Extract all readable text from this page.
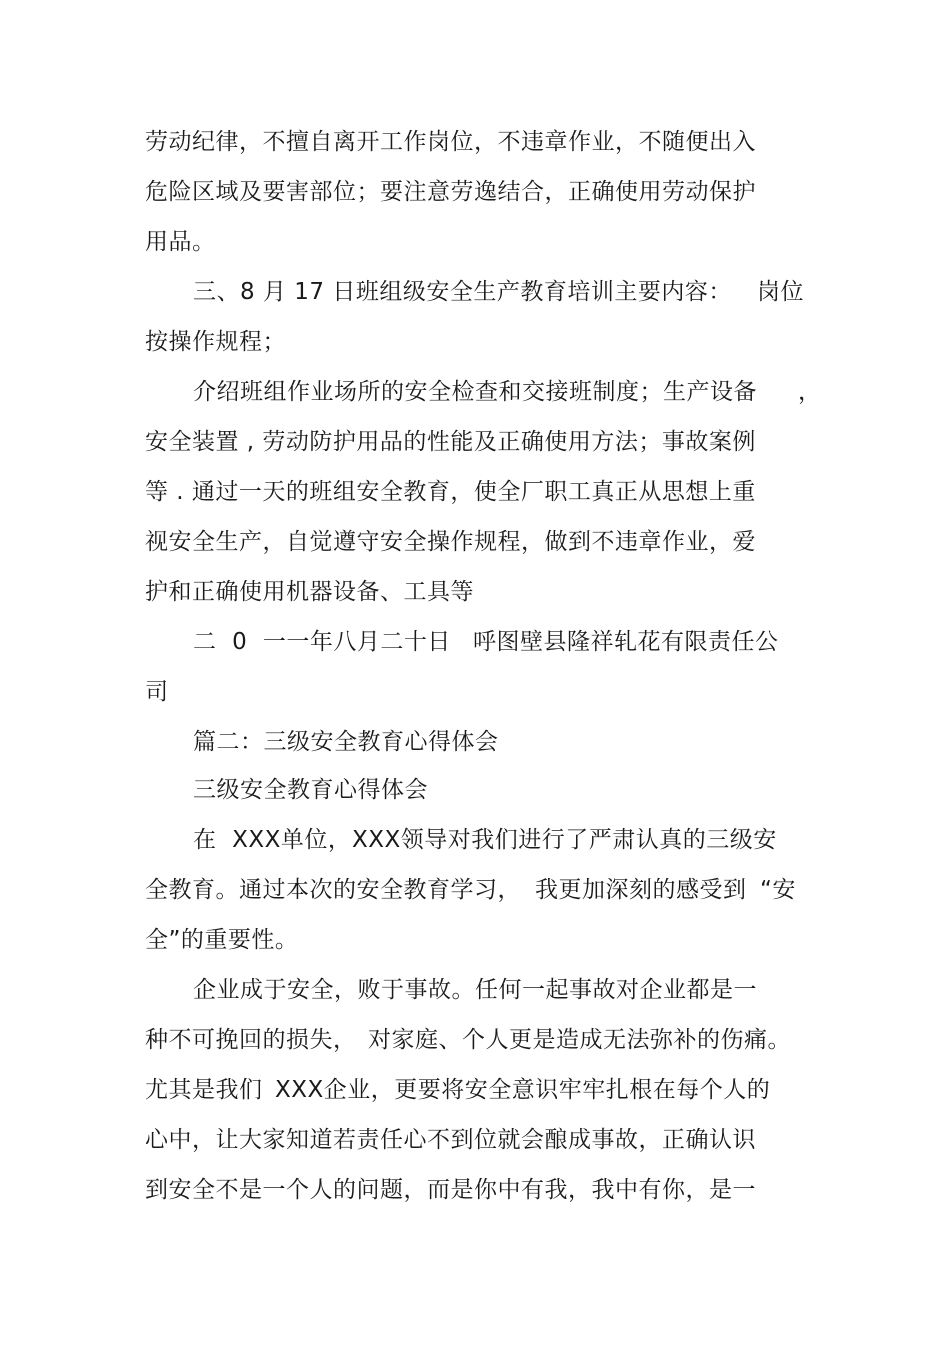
劳动纪律，不擅自离开工作岗位，不违章作业，不随便出入

危险区域及要害部位；要注意劳逸结合，正确使用劳动保护

用品。

三、8 月 17 日班组级安全生产教育培训主要内容：

岗位

按操作规程；

介绍班组作业场所的安全检查和交接班制度；生产设备

，

安全装置 , 劳动防护用品的性能及正确使用方法；事故案例

等 . 通过一天的班组安全教育，使全厂职工真正从思想上重

视安全生产，自觉遵守安全操作规程，做到不违章作业，爱

护和正确使用机器设备、工具等

二  0  一一年八月二十日

呼图壁县隆祥轧花有限责任公

司

篇二：三级安全教育心得体会

三级安全教育心得体会

在  XXX单位，

XXX领导对我们进行了严肃认真的三级安

全教育。通过本次的安全教育学习，

我更加深刻的感受到

“安

全”的重要性。

企业成于安全，败于事故。任何一起事故对企业都是一

种不可挽回的损失，

对家庭、个人更是造成无法弥补的伤痛。

尤其是我们

XXX企业，更要将安全意识牢牢扎根在每个人的

心中，让大家知道若责任心不到位就会酿成事故，正确认识

到安全不是一个人的问题，而是你中有我，我中有你，是一
